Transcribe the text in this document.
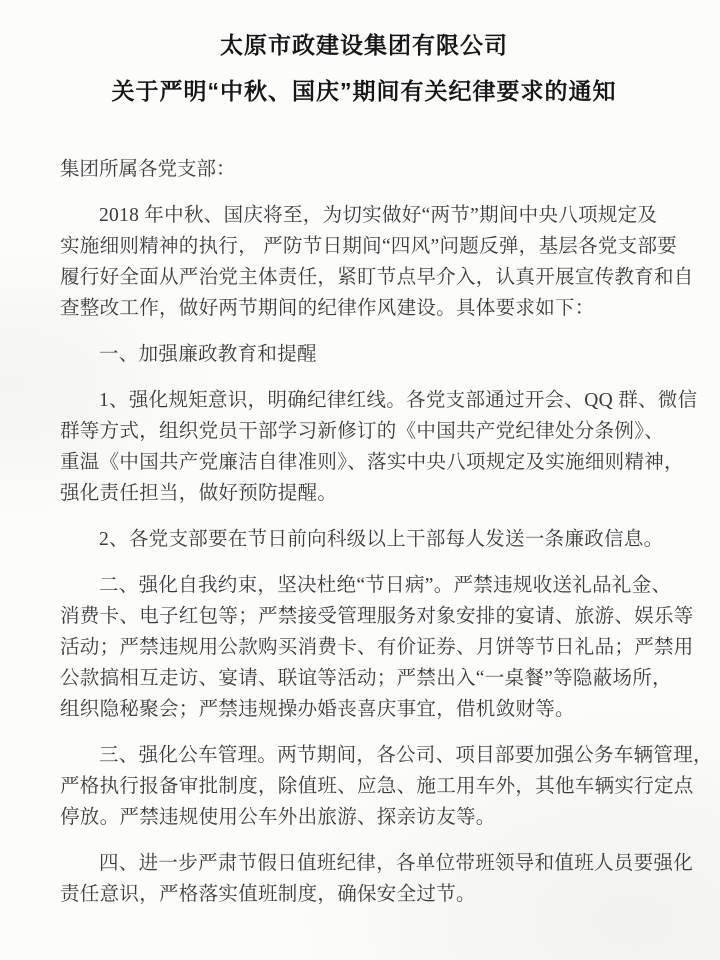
太原市政建设集团有限公司
关于严明“中秋、国庆”期间有关纪律要求的通知
集团所属各党支部：
2018 年中秋、国庆将至，为切实做好“两节”期间中央八项规定及
实施细则精神的执行， 严防节日期间“四风”问题反弹，基层各党支部要
履行好全面从严治党主体责任，紧盯节点早介入，认真开展宣传教育和自
查整改工作，做好两节期间的纪律作风建设。具体要求如下：
一、加强廉政教育和提醒
1、强化规矩意识，明确纪律红线。各党支部通过开会、QQ 群、微信
群等方式，组织党员干部学习新修订的《中国共产党纪律处分条例》、
重温《中国共产党廉洁自律准则》、落实中央八项规定及实施细则精神，
强化责任担当，做好预防提醒。
2、各党支部要在节日前向科级以上干部每人发送一条廉政信息。
二、强化自我约束，坚决杜绝“节日病”。严禁违规收送礼品礼金、
消费卡、电子红包等；严禁接受管理服务对象安排的宴请、旅游、娱乐等
活动；严禁违规用公款购买消费卡、有价证券、月饼等节日礼品；严禁用
公款搞相互走访、宴请、联谊等活动；严禁出入“一桌餐”等隐蔽场所，
组织隐秘聚会；严禁违规操办婚丧喜庆事宜，借机敛财等。
三、强化公车管理。两节期间，各公司、项目部要加强公务车辆管理，
严格执行报备审批制度，除值班、应急、施工用车外，其他车辆实行定点
停放。严禁违规使用公车外出旅游、探亲访友等。
四、进一步严肃节假日值班纪律，各单位带班领导和值班人员要强化
责任意识，严格落实值班制度，确保安全过节。
